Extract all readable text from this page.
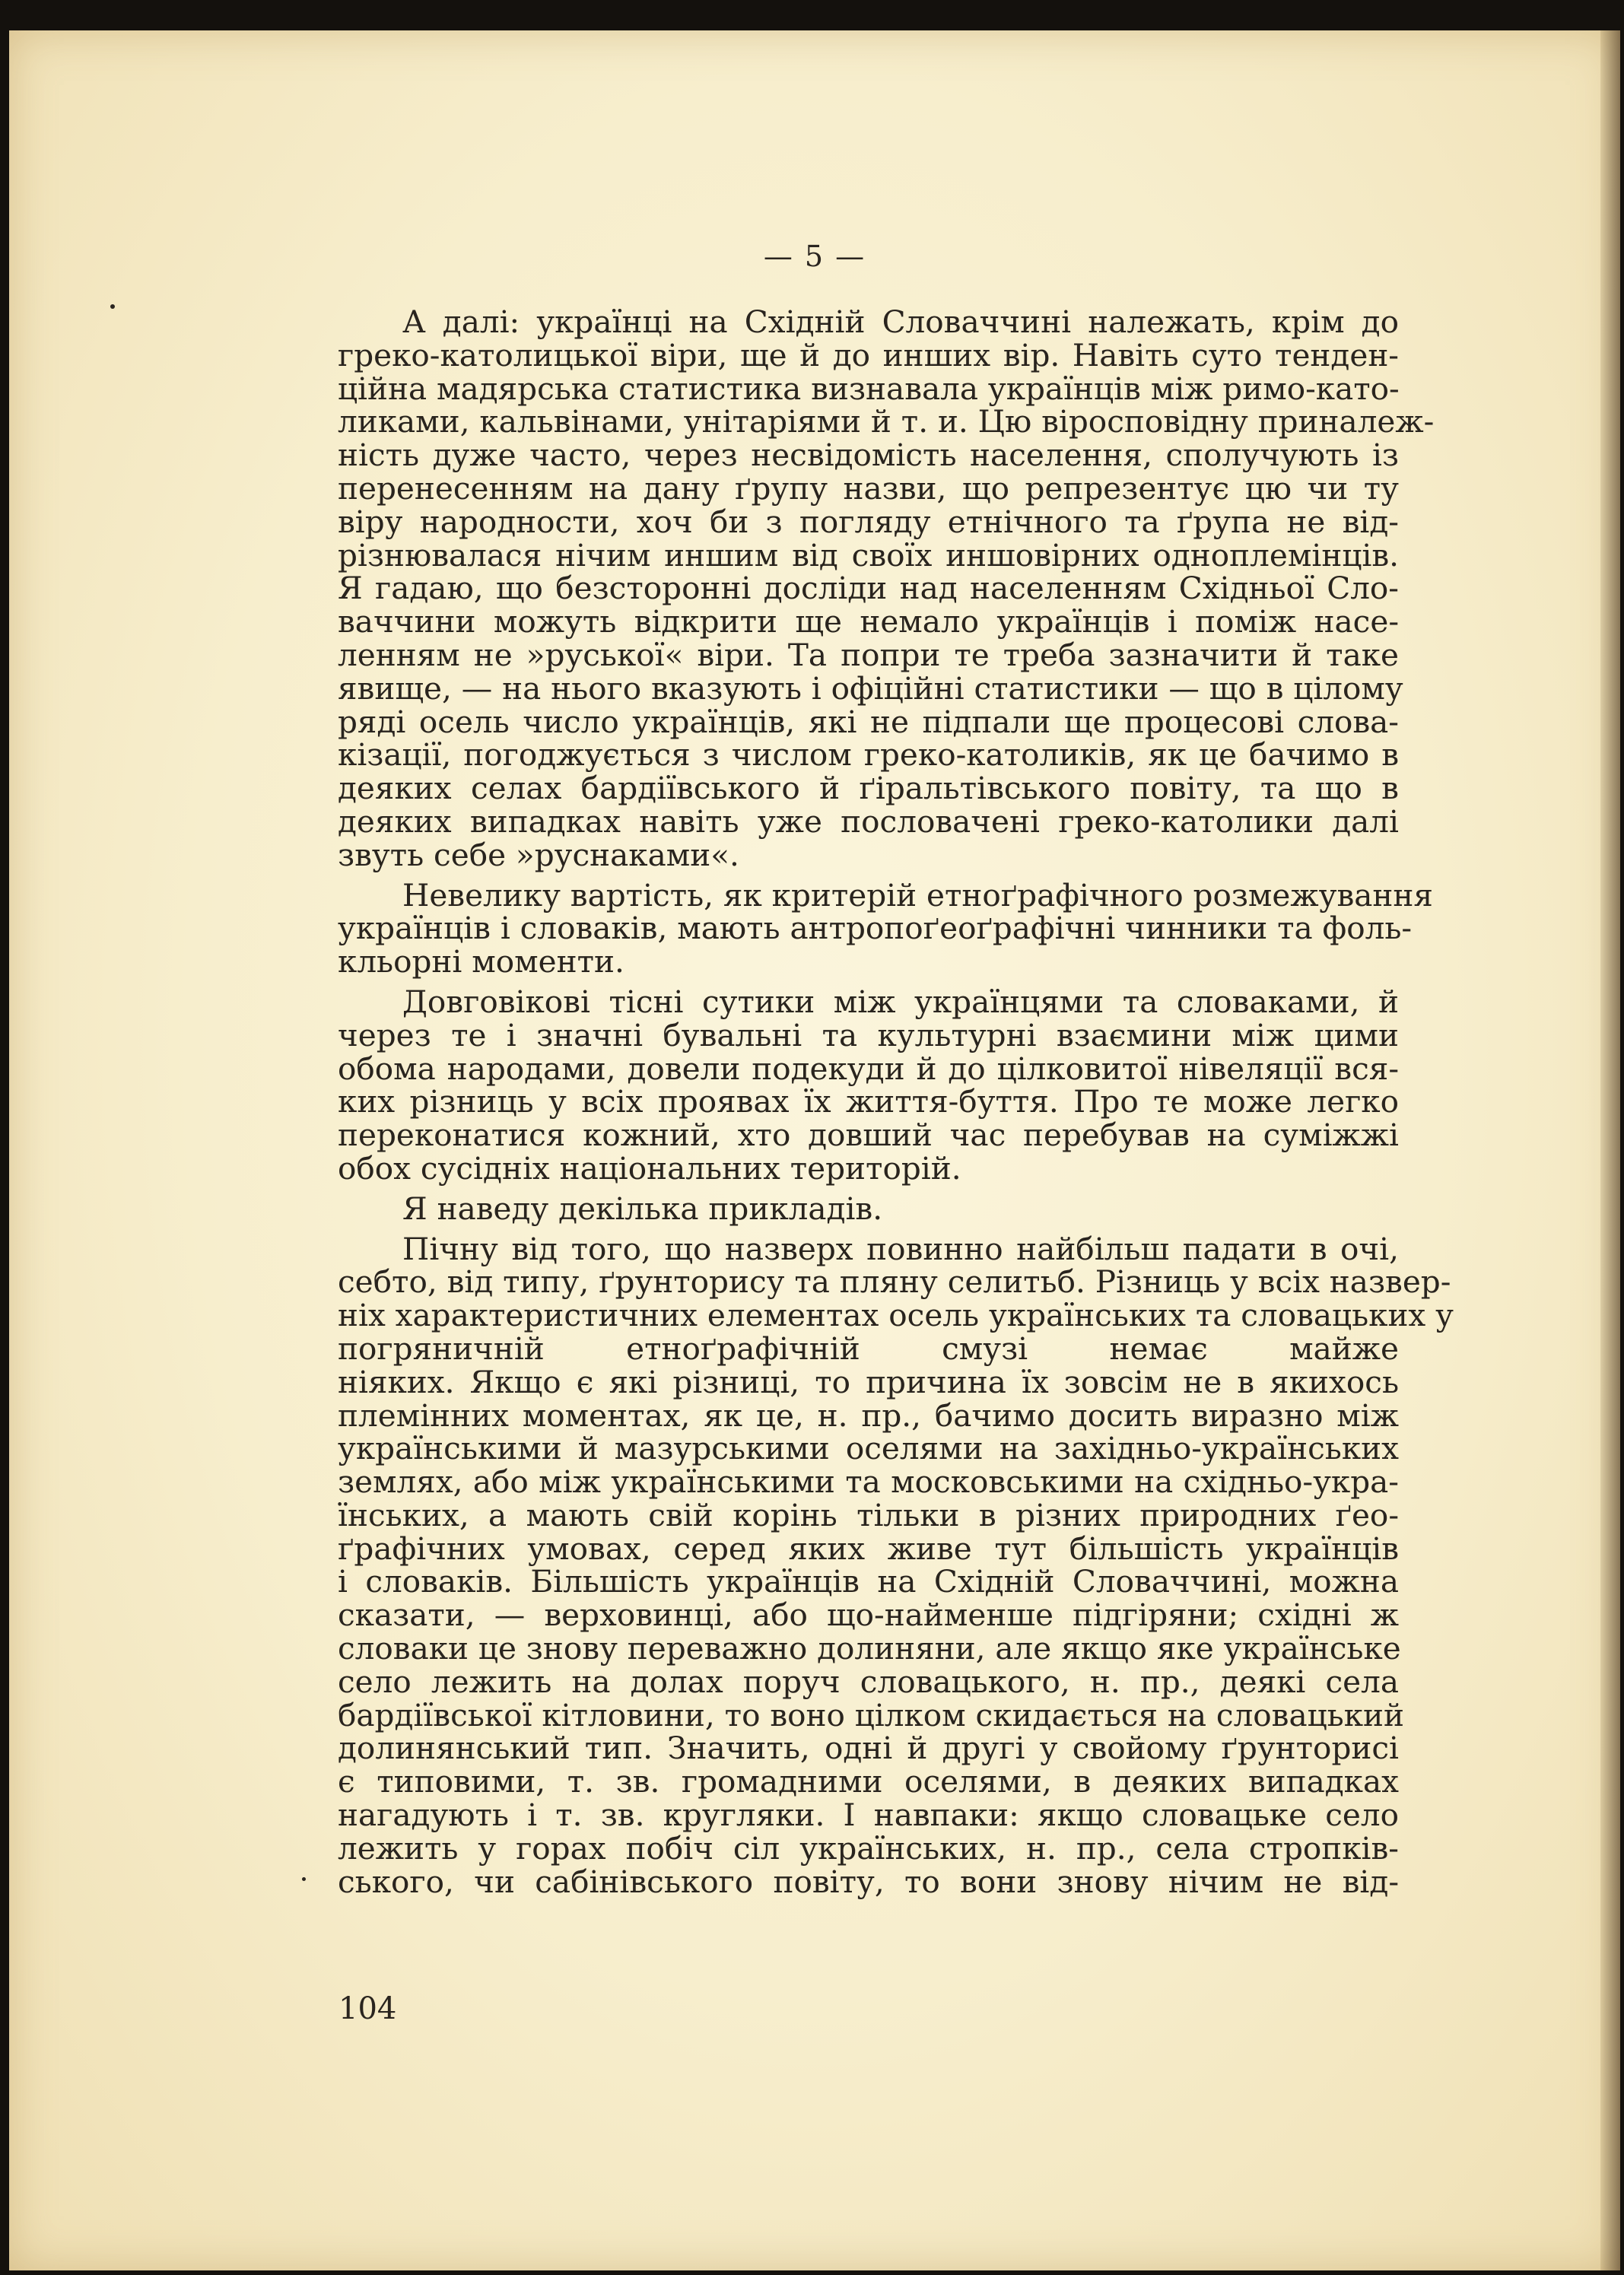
— 5 —
А далі: українці на Східній Словаччині належать, крім до
греко-католицької віри, ще й до инших вір. Навіть суто тенден-
ційна мадярська статистика визнавала українців між римо-като-
ликами, кальвінами, унітаріями й т. и. Цю віросповідну приналеж-
ність дуже часто, через несвідомість населення, сполучують із
перенесенням на дану ґрупу назви, що репрезентує цю чи ту
віру народности, хоч би з погляду етнічного та ґрупа не від-
різнювалася нічим иншим від своїх иншовірних одноплемінців.
Я гадаю, що безсторонні досліди над населенням Східньої Сло-
ваччини можуть відкрити ще немало українців і поміж насе-
ленням не »руської« віри. Та попри те треба зазначити й таке
явище, — на нього вказують і офіційні статистики — що в цілому
ряді осель число українців, які не підпали ще процесові слова-
кізації, погоджується з числом греко-католиків, як це бачимо в
деяких селах бардіївського й ґіральтівського повіту, та що в
деяких випадках навіть уже пословачені греко-католики далі
звуть себе »руснаками«.
Невелику вартість, як критерій етноґрафічного розмежування
українців і словаків, мають антропоґеоґрафічні чинники та фоль-
кльорні моменти.
Довговікові тісні сутики між українцями та словаками, й
через те і значні бувальні та культурні взаємини між цими
обома народами, довели подекуди й до цілковитої нівеляції вся-
ких різниць у всіх проявах їх життя-буття. Про те може легко
переконатися кожний, хто довший час перебував на суміжжі
обох сусідніх національних територій.
Я наведу декілька прикладів.
Пічну від того, що назверх повинно найбільш падати в очі,
себто, від типу, ґрунторису та пляну селитьб. Різниць у всіх назвер-
ніх характеристичних елементах осель українських та словацьких у
погряничній етноґрафічній смузі немає майже
ніяких. Якщо є які різниці, то причина їх зовсім не в якихось
племінних моментах, як це, н. пр., бачимо досить виразно між
українськими й мазурськими оселями на західньо-українських
землях, або між українськими та московськими на східньо-укра-
їнських, а мають свій корінь тільки в різних природних ґео-
ґрафічних умовах, серед яких живе тут більшість українців
і словаків. Більшість українців на Східній Словаччині, можна
сказати, — верховинці, або що-найменше підгіряни; східні ж
словаки це знову переважно долиняни, але якщо яке українське
село лежить на долах поруч словацького, н. пр., деякі села
бардіївської кітловини, то воно цілком скидається на словацький
долинянський тип. Значить, одні й другі у свойому ґрунторисі
є типовими, т. зв. громадними оселями, в деяких випадках
нагадують і т. зв. кругляки. І навпаки: якщо словацьке село
лежить у горах побіч сіл українських, н. пр., села стропків-
ського, чи сабінівського повіту, то вони знову нічим не від-
104
